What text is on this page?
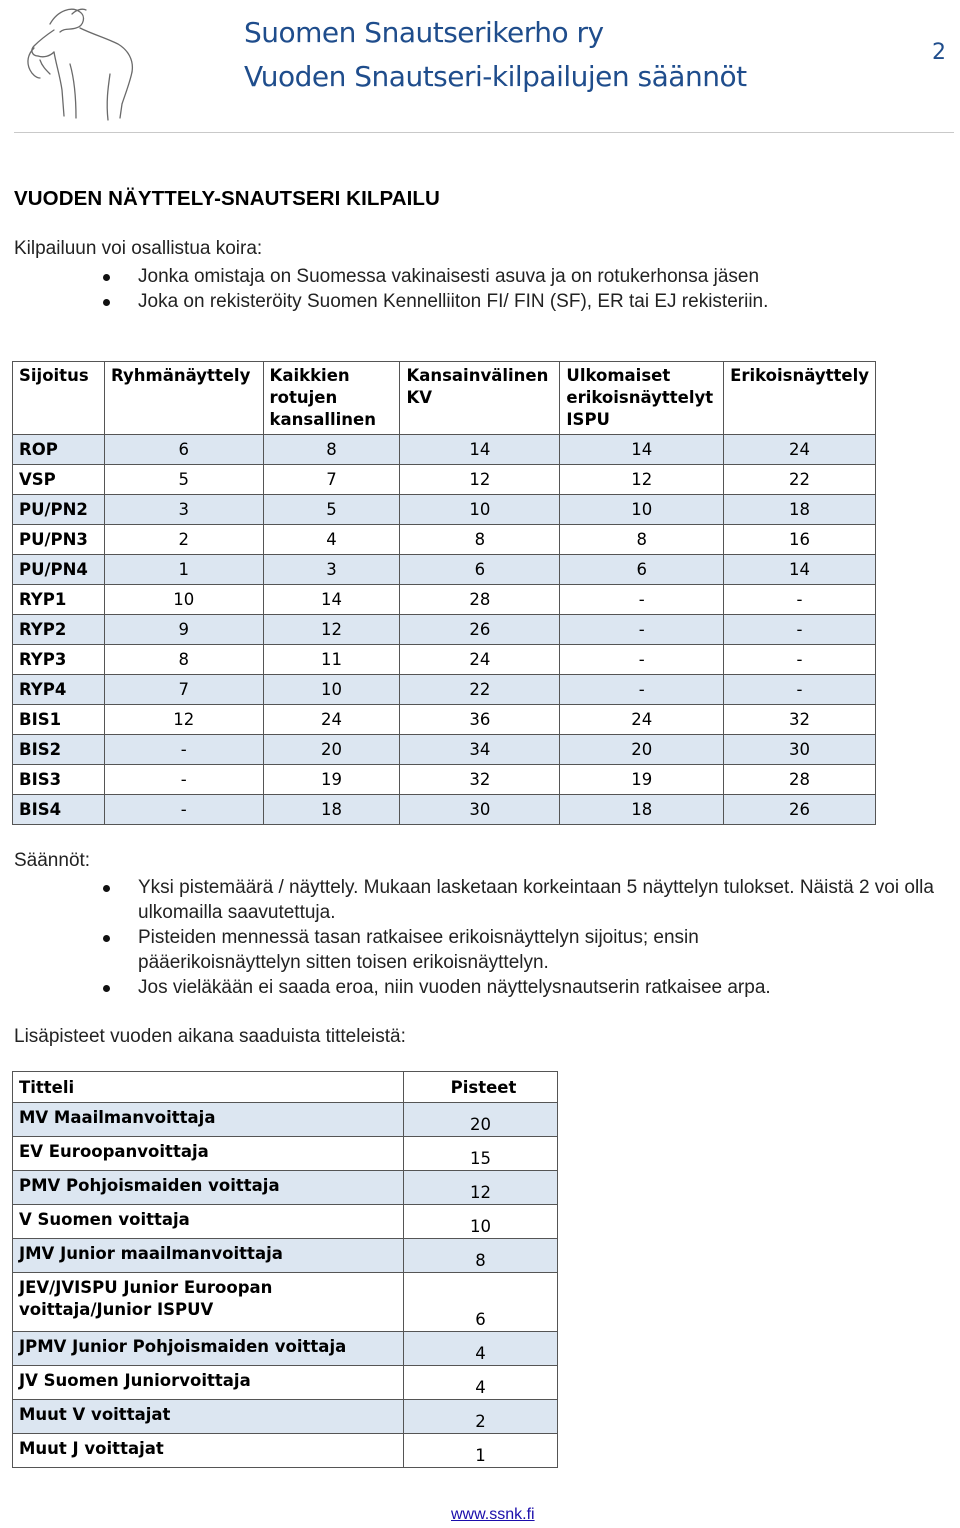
Suomen Snautserikerho ry
Vuoden Snautseri-kilpailujen säännöt
2
VUODEN NÄYTTELY-SNAUTSERI KILPAILU
Kilpailuun voi osallistua koira:
Jonka omistaja on Suomessa vakinaisesti asuva ja on rotukerhonsa jäsen
Joka on rekisteröity Suomen Kennelliiton FI/ FIN (SF), ER tai EJ rekisteriin.
Sijoitus	Ryhmänäyttely	Kaikkien rotujen kansallinen	Kansainvälinen KV	Ulkomaiset erikoisnäyttelyt ISPU	Erikoisnäyttely
ROP	6	8	14	14	24
VSP	5	7	12	12	22
PU/PN2	3	5	10	10	18
PU/PN3	2	4	8	8	16
PU/PN4	1	3	6	6	14
RYP1	10	14	28	-	-
RYP2	9	12	26	-	-
RYP3	8	11	24	-	-
RYP4	7	10	22	-	-
BIS1	12	24	36	24	32
BIS2	-	20	34	20	30
BIS3	-	19	32	19	28
BIS4	-	18	30	18	26
Säännöt:
Yksi pistemäärä / näyttely. Mukaan lasketaan korkeintaan 5 näyttelyn tulokset. Näistä 2 voi olla ulkomailla saavutettuja.
Pisteiden mennessä tasan ratkaisee erikoisnäyttelyn sijoitus; ensin pääerikoisnäyttelyn sitten toisen erikoisnäyttelyn.
Jos vieläkään ei saada eroa, niin vuoden näyttelysnautserin ratkaisee arpa.
Lisäpisteet vuoden aikana saaduista titteleistä:
Titteli	Pisteet
MV Maailmanvoittaja	20
EV Euroopanvoittaja	15
PMV Pohjoismaiden voittaja	12
V Suomen voittaja	10
JMV Junior maailmanvoittaja	8
JEV/JVISPU Junior Euroopan voittaja/Junior ISPUV	6
JPMV Junior Pohjoismaiden voittaja	4
JV Suomen Juniorvoittaja	4
Muut V voittajat	2
Muut J voittajat	1
www.ssnk.fi
